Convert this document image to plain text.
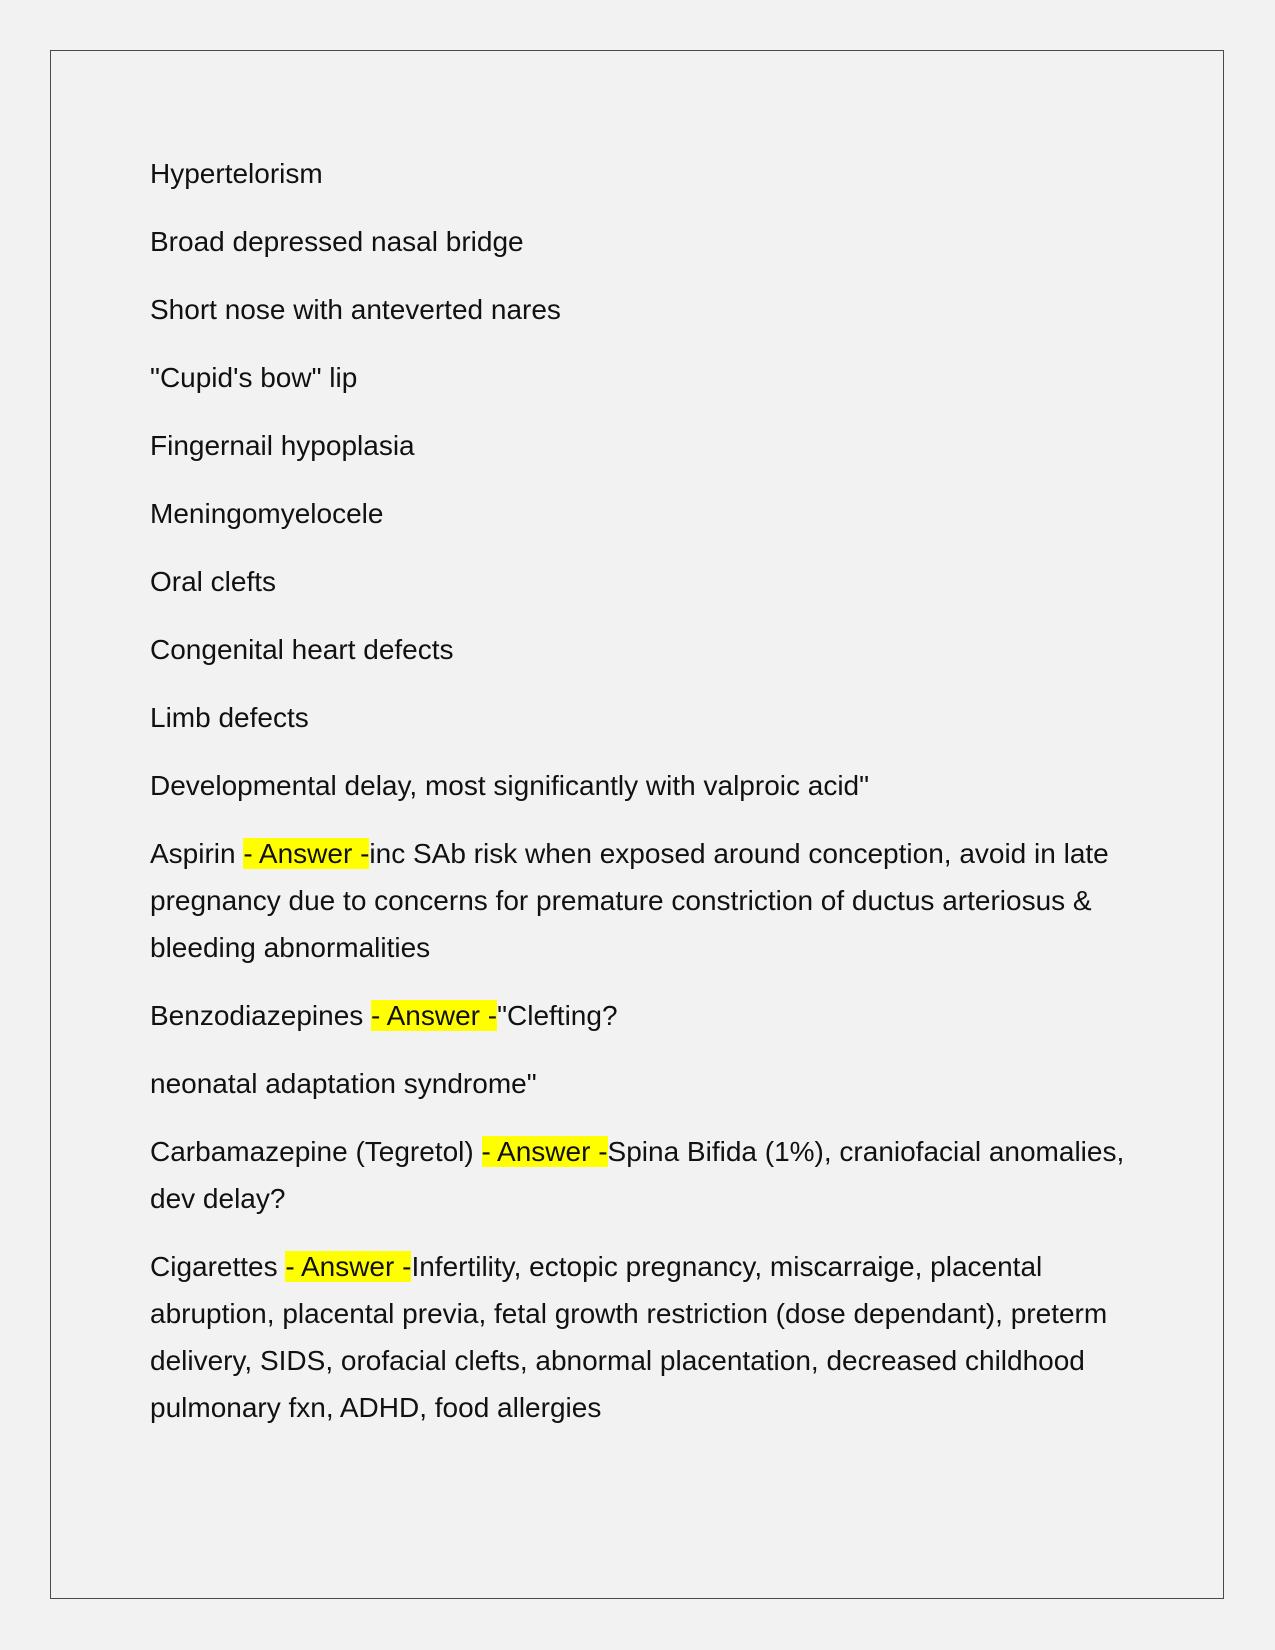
Hypertelorism

Broad depressed nasal bridge

Short nose with anteverted nares

"Cupid's bow" lip

Fingernail hypoplasia

Meningomyelocele

Oral clefts

Congenital heart defects

Limb defects

Developmental delay, most significantly with valproic acid"

Aspirin - Answer -inc SAb risk when exposed around conception, avoid in late pregnancy due to concerns for premature constriction of ductus arteriosus & bleeding abnormalities

Benzodiazepines - Answer -"Clefting?

neonatal adaptation syndrome"

Carbamazepine (Tegretol) - Answer -Spina Bifida (1%), craniofacial anomalies, dev delay?

Cigarettes - Answer -Infertility, ectopic pregnancy, miscarraige, placental abruption, placental previa, fetal growth restriction (dose dependant), preterm delivery, SIDS, orofacial clefts, abnormal placentation, decreased childhood pulmonary fxn, ADHD, food allergies
